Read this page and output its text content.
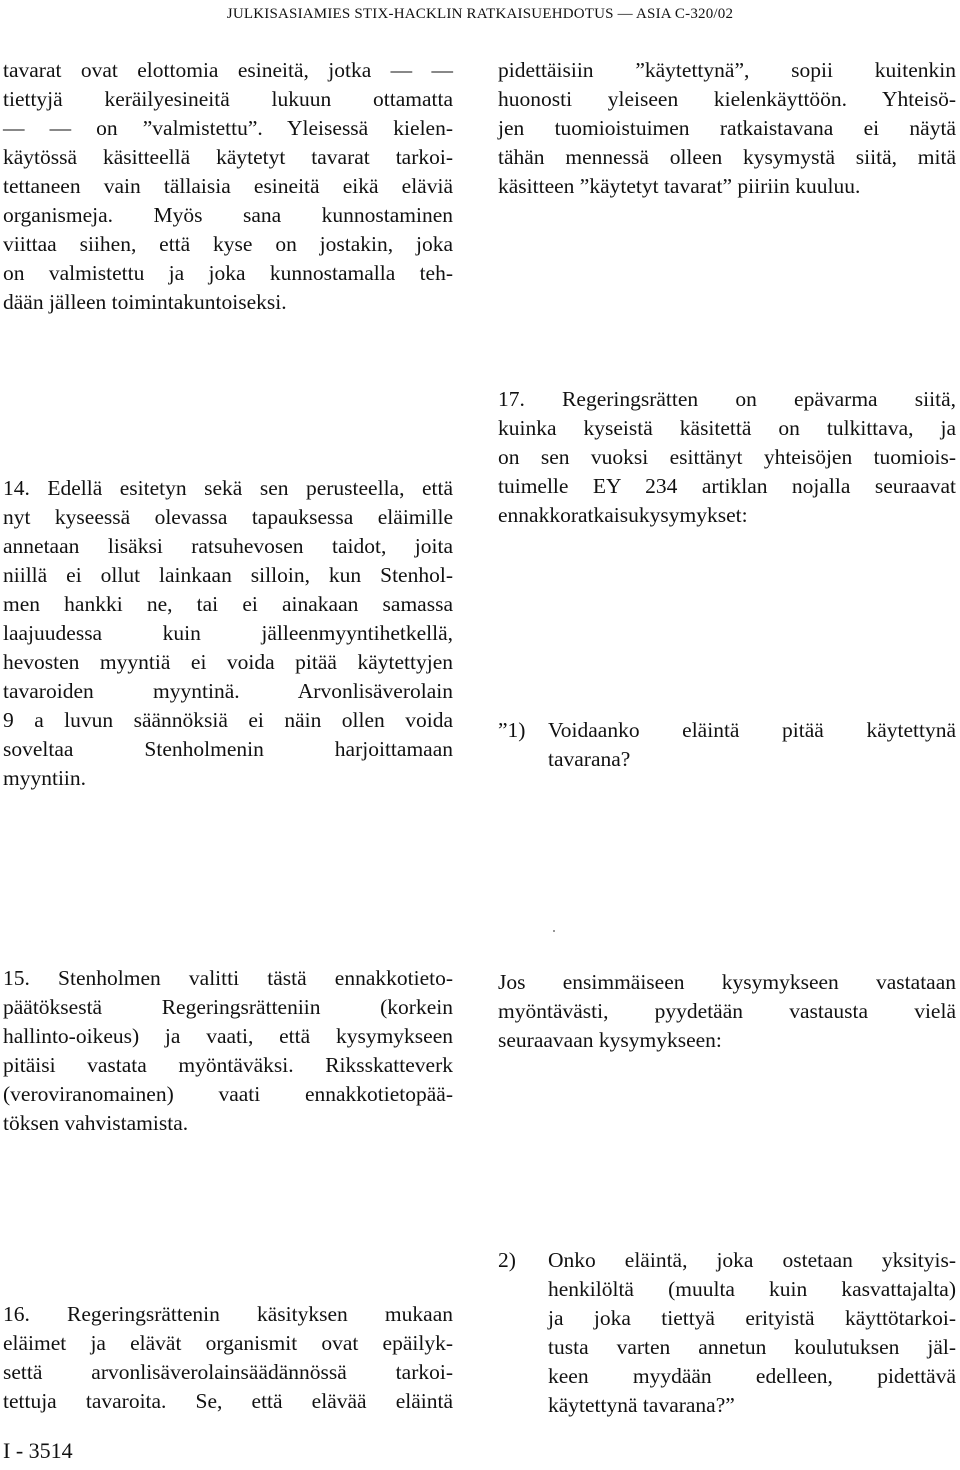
JULKISASIAMIES STIX-HACKLIN RATKAISUEHDOTUS — ASIA C-320/02
tavarat ovat elottomia esineitä, jotka — —
tiettyjä keräilyesineitä lukuun ottamatta
— — on ”valmistettu”. Yleisessä kielen-
käytössä käsitteellä käytetyt tavarat tarkoi-
tettaneen vain tällaisia esineitä eikä eläviä
organismeja. Myös sana kunnostaminen
viittaa siihen, että kyse on jostakin, joka
on valmistettu ja joka kunnostamalla teh-
dään jälleen toimintakuntoiseksi.
14. Edellä esitetyn sekä sen perusteella, että
nyt kyseessä olevassa tapauksessa eläimille
annetaan lisäksi ratsuhevosen taidot, joita
niillä ei ollut lainkaan silloin, kun Stenhol-
men hankki ne, tai ei ainakaan samassa
laajuudessa kuin jälleenmyyntihetkellä,
hevosten myyntiä ei voida pitää käytettyjen
tavaroiden myyntinä. Arvonlisäverolain
9 a luvun säännöksiä ei näin ollen voida
soveltaa Stenholmenin harjoittamaan
myyntiin.
15. Stenholmen valitti tästä ennakkotieto-
päätöksestä Regeringsrätteniin (korkein
hallinto-oikeus) ja vaati, että kysymykseen
pitäisi vastata myöntäväksi. Riksskatteverk
(veroviranomainen) vaati ennakkotietopää-
töksen vahvistamista.
16. Regeringsrättenin käsityksen mukaan
eläimet ja elävät organismit ovat epäilyk-
settä arvonlisäverolainsäädännössä tarkoi-
tettuja tavaroita. Se, että elävää eläintä
pidettäisiin ”käytettynä”, sopii kuitenkin
huonosti yleiseen kielenkäyttöön. Yhteisö-
jen tuomioistuimen ratkaistavana ei näytä
tähän mennessä olleen kysymystä siitä, mitä
käsitteen ”käytetyt tavarat” piiriin kuuluu.
17. Regeringsrätten on epävarma siitä,
kuinka kyseistä käsitettä on tulkittava, ja
on sen vuoksi esittänyt yhteisöjen tuomiois-
tuimelle EY 234 artiklan nojalla seuraavat
ennakkoratkaisukysymykset:
”1) Voidaanko eläintä pitää käytettynä
tavarana?
Jos ensimmäiseen kysymykseen vastataan
myöntävästi, pyydetään vastausta vielä
seuraavaan kysymykseen:
2) Onko eläintä, joka ostetaan yksityis-
henkilöltä (muulta kuin kasvattajalta)
ja joka tiettyä erityistä käyttötarkoi-
tusta varten annetun koulutuksen jäl-
keen myydään edelleen, pidettävä
käytettynä tavarana?”
I - 3514
